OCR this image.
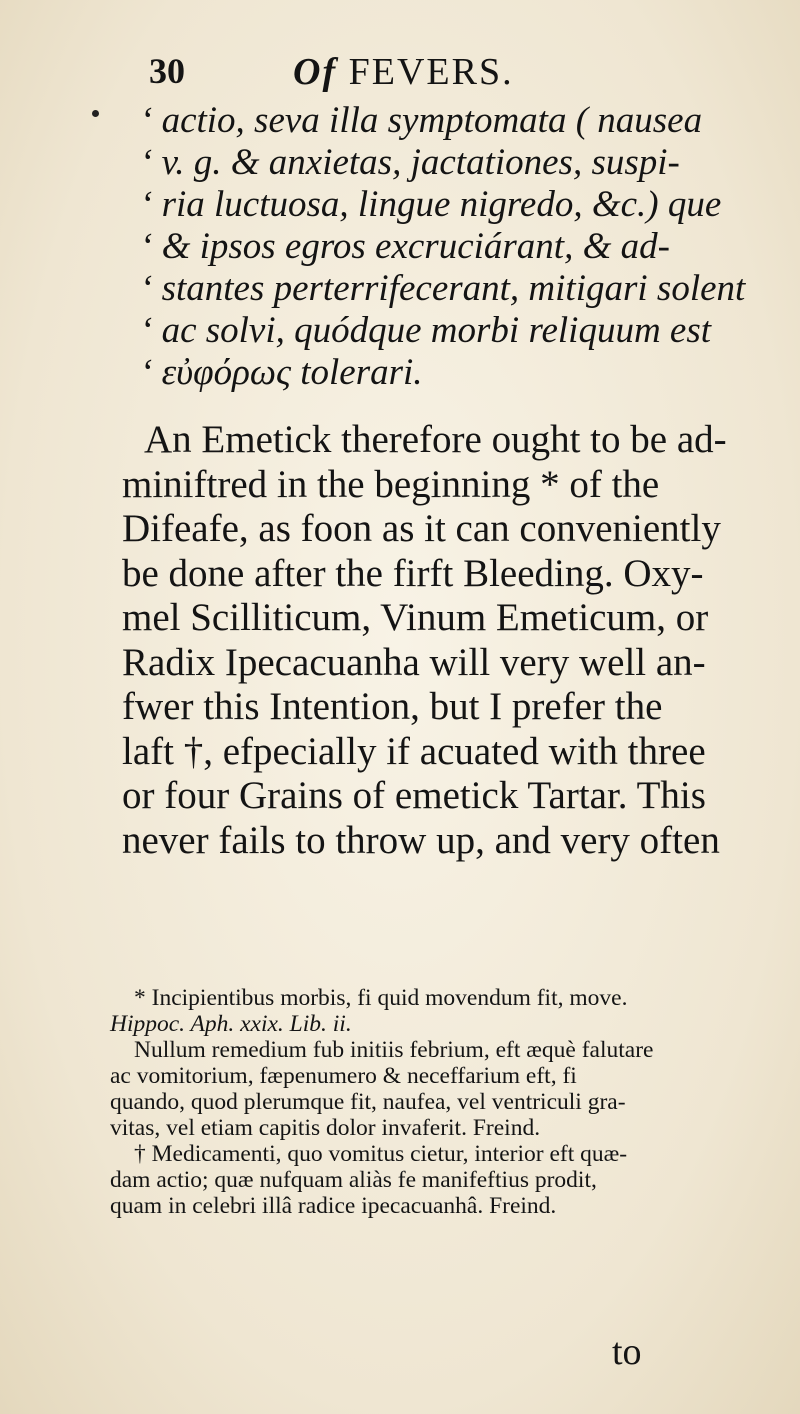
30	Of FEVERS.
‘ actio, seva illa symptomata ( nausea
‘ v. g. & anxietas, jactationes, suspi-
‘ ria luctuosa, lingue nigredo, &c.) que
‘ & ipsos egros excruciárant, & ad-
‘ stantes perterrifecerant, mitigari solent
‘ ac solvi, quódque morbi reliquum est
‘ εὐφόρως tolerari.
An Emetick therefore ought to be ad-
miniftred in the beginning * of the
Difeafe, as foon as it can conveniently
be done after the firft Bleeding. Oxy-
mel Scilliticum, Vinum Emeticum, or
Radix Ipecacuanha will very well an-
fwer this Intention, but I prefer the
laft †, efpecially if acuated with three
or four Grains of emetick Tartar. This
never fails to throw up, and very often
* Incipientibus morbis, fi quid movendum fit, move.
Hippoc. Aph. xxix. Lib. ii.
Nullum remedium fub initiis febrium, eft æquè falutare
ac vomitorium, fæpenumero & neceffarium eft, fi
quando, quod plerumque fit, naufea, vel ventriculi gra-
vitas, vel etiam capitis dolor invaferit. Freind.
† Medicamenti, quo vomitus cietur, interior eft quæ-
dam actio; quæ nufquam aliàs fe manifeftius prodit,
quam in celebri illâ radice ipecacuanhâ. Freind.
to
